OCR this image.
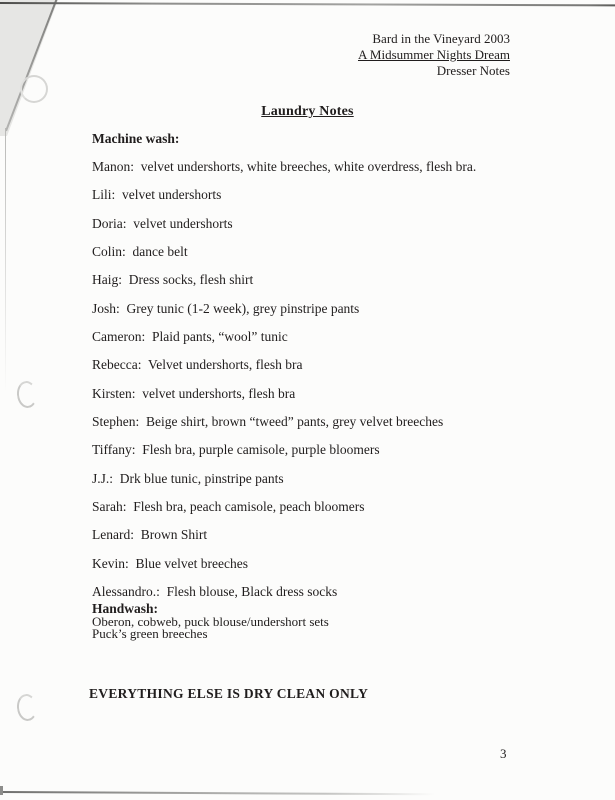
Bard in the Vineyard 2003
A Midsummer Nights Dream
Dresser Notes
Laundry Notes
Machine wash:
Manon:  velvet undershorts, white breeches, white overdress, flesh bra.
Lili:  velvet undershorts
Doria:  velvet undershorts
Colin:  dance belt
Haig:  Dress socks, flesh shirt
Josh:  Grey tunic (1-2 week), grey pinstripe pants
Cameron:  Plaid pants, “wool” tunic
Rebecca:  Velvet undershorts, flesh bra
Kirsten:  velvet undershorts, flesh bra
Stephen:  Beige shirt, brown “tweed” pants, grey velvet breeches
Tiffany:  Flesh bra, purple camisole, purple bloomers
J.J.:  Drk blue tunic, pinstripe pants
Sarah:  Flesh bra, peach camisole, peach bloomers
Lenard:  Brown Shirt
Kevin:  Blue velvet breeches
Alessandro.:  Flesh blouse, Black dress socks
Handwash:
Oberon, cobweb, puck blouse/undershort sets
Puck’s green breeches
EVERYTHING ELSE IS DRY CLEAN ONLY
3
